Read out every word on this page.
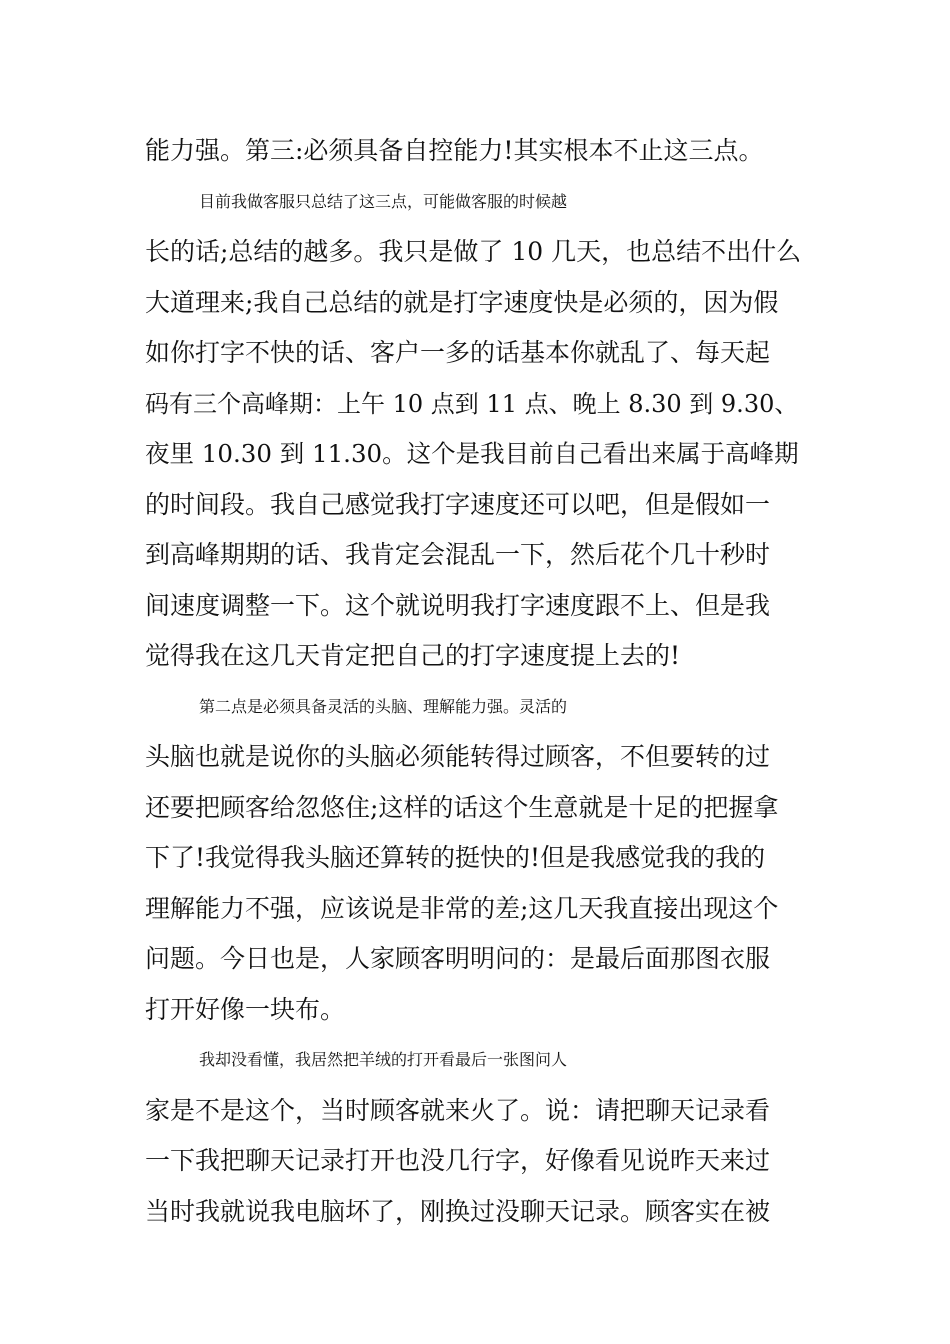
能力强。第三:必须具备自控能力!其实根本不止这三点。
目前我做客服只总结了这三点，可能做客服的时候越
长的话;总结的越多。我只是做了 10 几天，也总结不出什么
大道理来;我自己总结的就是打字速度快是必须的，因为假
如你打字不快的话、客户一多的话基本你就乱了、每天起
码有三个高峰期：上午 10 点到 11 点、晚上 8.30 到 9.30、
夜里 10.30 到 11.30。这个是我目前自己看出来属于高峰期
的时间段。我自己感觉我打字速度还可以吧，但是假如一
到高峰期期的话、我肯定会混乱一下，然后花个几十秒时
间速度调整一下。这个就说明我打字速度跟不上、但是我
觉得我在这几天肯定把自己的打字速度提上去的!
第二点是必须具备灵活的头脑、理解能力强。灵活的
头脑也就是说你的头脑必须能转得过顾客，不但要转的过
还要把顾客给忽悠住;这样的话这个生意就是十足的把握拿
下了!我觉得我头脑还算转的挺快的!但是我感觉我的我的
理解能力不强，应该说是非常的差;这几天我直接出现这个
问题。今日也是，人家顾客明明问的：是最后面那图衣服
打开好像一块布。
我却没看懂，我居然把羊绒的打开看最后一张图问人
家是不是这个，当时顾客就来火了。说：请把聊天记录看
一下我把聊天记录打开也没几行字，好像看见说昨天来过
当时我就说我电脑坏了，刚换过没聊天记录。顾客实在被
